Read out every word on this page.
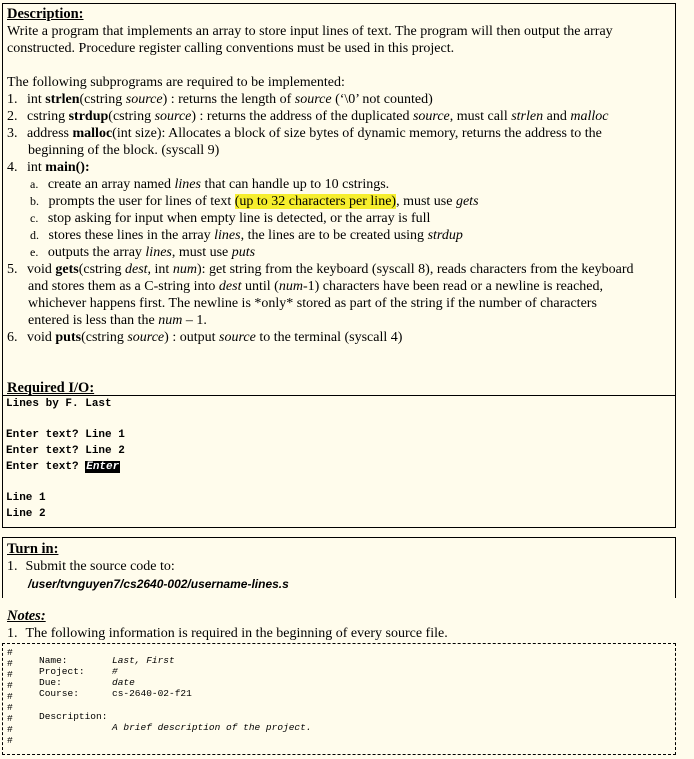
Description:
Write a program that implements an array to store input lines of text. The program will then output the array
constructed. Procedure register calling conventions must be used in this project.
The following subprograms are required to be implemented:
1. int strlen(cstring source) : returns the length of source (‘\0’ not counted)
2. cstring strdup(cstring source) : returns the address of the duplicated source, must call strlen and malloc
3. address malloc(int size): Allocates a block of size bytes of dynamic memory, returns the address to the
beginning of the block. (syscall 9)
4. int main():
a. create an array named lines that can handle up to 10 cstrings.
b. prompts the user for lines of text (up to 32 characters per line), must use gets
c. stop asking for input when empty line is detected, or the array is full
d. stores these lines in the array lines, the lines are to be created using strdup
e. outputs the array lines, must use puts
5. void gets(cstring dest, int num): get string from the keyboard (syscall 8), reads characters from the keyboard
and stores them as a C-string into dest until (num-1) characters have been read or a newline is reached,
whichever happens first. The newline is *only* stored as part of the string if the number of characters
entered is less than the num – 1.
6. void puts(cstring source) : output source to the terminal (syscall 4)
Required I/O:
Lines by F. Last
Enter text? Line 1
Enter text? Line 2
Enter text? Enter
Line 1
Line 2
Turn in:
1. Submit the source code to:
/user/tvnguyen7/cs2640-002/username-lines.s
Notes:
1. The following information is required in the beginning of every source file.
#
#
#
#
#
#
#
#
#
Name:	Last, First
Project:	#
Due:	date
Course:	cs-2640-02-f21
Description:
A brief description of the project.
